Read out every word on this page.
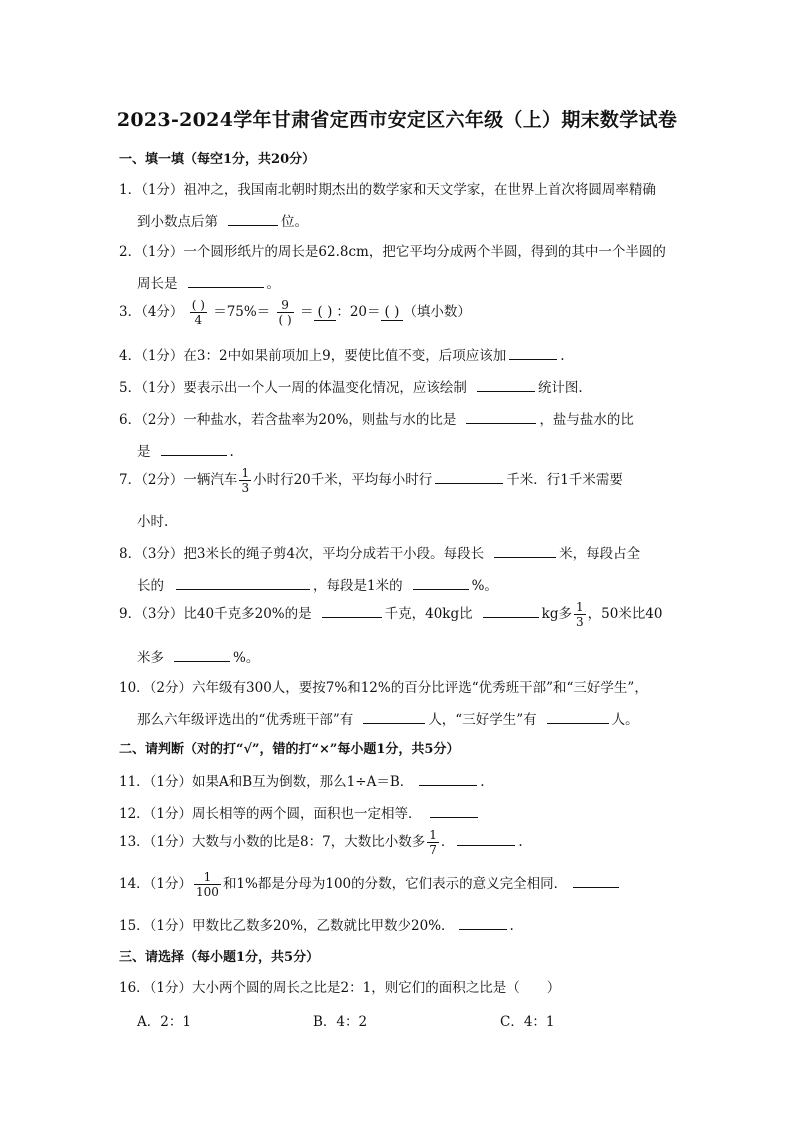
2023-2024学年甘肃省定西市安定区六年级（上）期末数学试卷
一、填一填（每空1分，共20分）
1．（1分）祖冲之，我国南北朝时期杰出的数学家和天文学家，在世界上首次将圆周率精确
到小数点后第	位。
2．（1分）一个圆形纸片的周长是62.8cm，把它平均分成两个半圆，得到的其中一个半圆的
周长是	。
3．（4分） $\frac{( )}{4} =75\%= \frac{9}{( )}$ ＝ ( ) ：20＝ ( ) （填小数）
4．（1分）在3：2中如果前项加上9，要使比值不变，后项应该加	.
5．（1分）要表示出一个人一周的体温变化情况，应该绘制	统计图.
6．（2分）一种盐水，若含盐率为20%，则盐与水的比是	，盐与盐水的比
是	.
7．（2分）一辆汽车 $\frac{1}{3}$ 小时行20千米，平均每小时行	千米．行1千米需要
小时.
8．（3分）把3米长的绳子剪4次，平均分成若干小段。每段长	米，每段占全
长的	，每段是1米的	%。
9．（3分）比40千克多20%的是	千克，40kg比	kg多 $\frac{1}{3}$ ，50米比40
米多	%。
10．（2分）六年级有300人，要按7%和12%的百分比评选“优秀班干部”和“三好学生”，
那么六年级评选出的“优秀班干部”有	人，“三好学生”有	人。
二、请判断（对的打“√”，错的打“×”每小题1分，共5分）
11．（1分）如果A和B互为倒数，那么1÷A＝B．	.
12．（1分）周长相等的两个圆，面积也一定相等．
13．（1分）大数与小数的比是8：7，大数比小数多 $\frac{1}{7}$ ．	.
14．（1分） $\frac{1}{100}$ 和1%都是分母为100的分数，它们表示的意义完全相同．
15．（1分）甲数比乙数多20%，乙数就比甲数少20%．	.
三、请选择（每小题1分，共5分）
16．（1分）大小两个圆的周长之比是2：1，则它们的面积之比是（　　）
A．2：1	B．4：2	C．4：1
